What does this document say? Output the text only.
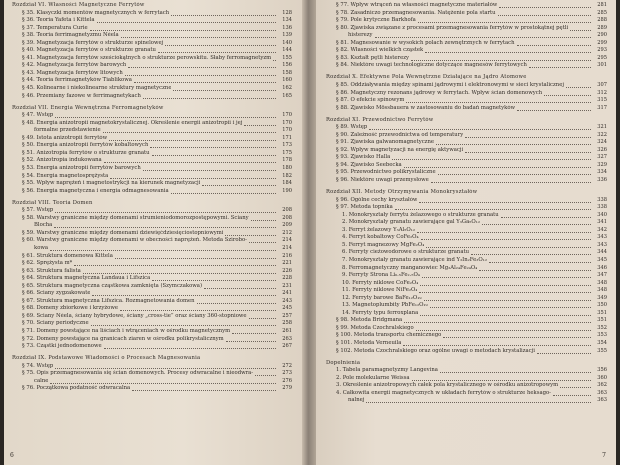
Rozdział VI. Własności Magnetyczne Ferrytów
§ 35. Klasyczki momentów magnetycznych w ferrytach	128
§ 36. Teoria Yafeta i Kittela	134
§ 37. Temperatura Curie	136
§ 38. Teoria ferrimagnetyzmu Néela	139
§ 39. Magnetyzacja ferrytów o strukturze spinelowej	140
§ 40. Magnetyzacja ferrytów o strukturze granatu	144
§ 41. Magnetyzacja ferrytów sześciokątnych o strukturze perowskitu. Słaby ferromagnetyzm 155
§ 42. Magnetyzacja ferrytów barowych	156
§ 43. Magnetyzacja ferrytów litowych	158
§ 44. Teoria ferrimagnetyków Tiablikowa	160
§ 45. Kolinearne i niekolinearne struktury magnetyczne	162
§ 46. Przemiany fazowe w ferrimagnetykach	165
Rozdział VII. Energia Wewnętrzna Ferromagnetyków
§ 47. Wstęp	170
§ 48. Energia anizotropii magnetokrystalicznej. Określenie energii anizotropii i jej	170
formalne przedstawienie	170
§ 49. Istota anizotropii ferrytów	171
§ 50. Energia anizotropii ferrytów kobaltowych	173
§ 51. Anizotropia ferrytów o strukturze granatu	175
§ 52. Anizotropia indukowana	178
§ 53. Energia anizotropii ferrytów barowych	180
§ 54. Energia magnetosprężysta	182
§ 55. Wpływ naprężeń i magnetostrykcji na kierunek magnetyzacji	184
§ 56. Energia magnetyczna i energia odmagnesowania	190
Rozdział VIII. Teoria Domen
§ 57. Wstęp	208
§ 58. Warstwy graniczne między domenami strumieniodomorozpostępowymi. Ściany	208
Blocha	209
§ 59. Warstwy graniczne między domenami dziewięćdziesięciostopniowymi	212
§ 60. Warstwy graniczne między domenami w obecności naprężeń. Metoda Szirobo-	214
kowa	214
§ 61. Struktura domenowa Kittela	216
§ 62. Sprężysta m*	221
§ 63. Struktura falista	226
§ 64. Struktura magnetyczna Landaua i Lifszica	228
§ 65. Struktura magnetyczna cząstkowa zamknięta (Szymczakowa)	231
§ 66. Ściany zygzakowate	241
§ 67. Struktura magnetyczna Lifszica. Rozmagnetowania domen	243
§ 68. Domeny zbiorkowe i krzyżowe	245
§ 69. Ściany Néela, ściany hybrydowe, ściany „cross-tie” oraz ściany 360-stopniowe	257
§ 70. Ściany periodyczne	258
§ 71. Domeny powstające na liściach i wtrąceniach w ośrodku magnetycznym	261
§ 72. Domeny powstające na granicach ziaren w ośrodku polikrystalicznym	263
§ 73. Cząstki jednodomenowe	267
Rozdział IX. Podstawowe Wiadomości o Procesach Magnesowania
§ 74. Wstęp	272
§ 75. Opis przemagnesowania się ścian domenowych. Procesy odwracalne i nieodwra-	273
calne	276
§ 76. Początkowa podatność odwracalna	279
6
§ 77. Wpływ wtrąceń na własności magnetyczne materiałów	281
§ 78. Zasadniczo przemagnesowania. Natężenie pola startu	285
§ 79. Pole krytyczne Barkhofa	288
§ 80. Zjawiska związane z procesami przemagnesowania ferrytów w prostokątnej pętli	289
histerezy	290
§ 81. Magnesowanie w wysokich polach zewnętrznych w ferrytach	299
§ 82. Własności wielkich cząstek	293
§ 83. Kształt pętli histerezy	295
§ 84. Niektóre uwagi technologiczne dotyczące magnesów ferrytowych	301
Rozdział X. Efektywne Pola Wewnętrzne Działające na Jądro Atomowe
§ 85. Oddziaływania między spinami jądrowymi i elektronowymi w sieci krystalicznej	307
§ 86. Magnetyczny rezonans jądrowy w ferrytach. Wpływ ścian domenowych	312
§ 87. O efekcie spinowym	315
§ 88. Zjawisko Mössbauera w zastosowaniu do badań magnetyków	317
Rozdział XI. Przewodnictwo Ferrytów
§ 89. Wstęp	321
§ 90. Zależność przewodnictwa od temperatury	322
§ 91. Zjawiska galwanomagnetyczne	324
§ 92. Wpływ magnetyzacji na energię aktywacji	326
§ 93. Zjawisko Halla	327
§ 94. Zjawisko Seebecka	329
§ 95. Przewodnictwo polikrystaliczne	334
§ 96. Niektóre uwagi przemysłowe	336
Rozdział XII. Metody Otrzymywania Monokryształów
§ 96. Ogólne cechy kryształów	338
§ 97. Metoda topnika	338
1. Monokryształy ferrytu żelazowego o strukturze granatu	340
2. Monokryształy granatu zawierające gal Y₃Ga₅O₁₂	341
3. Ferryt żelazowy Y₃Al₅O₁₂	342
4. Ferryt kobaltowy CoFe₂O₄	343
5. Ferryt magnezowy MgFe₂O₄	343
6. Ferryty cieżowodorowe o strukturze granatu	344
7. Monokryształy granatu zawierające ind Y₃In₂Fe₃O₁₂	345
8. Ferromagnetyczny manganowiec Mg₃Al₂₄Fe₂₄O₄	346
9. Ferryty Strona Li₀.₅Fe₂.₅O₄	347
10. Ferryty niklowe CoFe₂O₄	348
11. Ferryty niklowe NiFe₂O₄	348
12. Ferryty barowe BaFe₁₂O₁₉	349
13. Magnetoplumbity PbFe₁₂O₁₉	350
14. Ferryty typu ferroxplana	351
§ 98. Metoda Bridgmana	351
§ 99. Metoda Czochralskiego	352
§ 100. Metoda transportu chemicznego	353
§ 101. Metoda Verneuila	354
§ 102. Metoda Czochralskiego oraz ogólne uwagi o metodach krystalizacji	355
Dopełnienia
1. Tabela paramagnetyzmy Langevina	356
2. Pole molekularne Weissa	360
3. Określenie anizotropowych całek pola krystalicznego w ośrodku anizotropowym	362
4. Całkowita energii magnetycznych w układach ferrytów o strukturze heksago-	363
nalnej	363
7
